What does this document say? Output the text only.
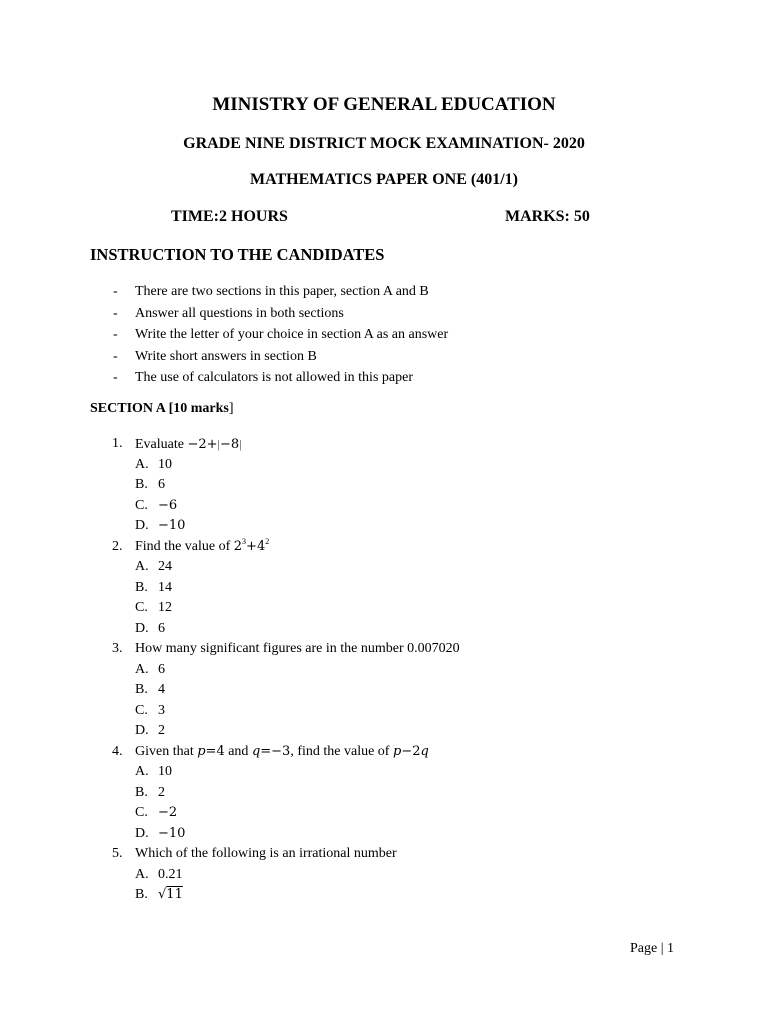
MINISTRY OF GENERAL EDUCATION
GRADE NINE DISTRICT MOCK EXAMINATION- 2020
MATHEMATICS PAPER ONE (401/1)
TIME:2 HOURS	MARKS: 50
INSTRUCTION TO THE CANDIDATES
- There are two sections in this paper, section A and B
- Answer all questions in both sections
- Write the letter of your choice in section A as an answer
- Write short answers in section B
- The use of calculators is not allowed in this paper
SECTION A [10 marks]
1. Evaluate −2+|−8|
A. 10
B. 6
C. −6
D. −10
2. Find the value of $2^3+4^2$
A. 24
B. 14
C. 12
D. 6
3. How many significant figures are in the number 0.007020
A. 6
B. 4
C. 3
D. 2
4. Given that p=4 and q=−3, find the value of p−2q
A. 10
B. 2
C. −2
D. −10
5. Which of the following is an irrational number
A. 0.21
B. √11
Page | 1
